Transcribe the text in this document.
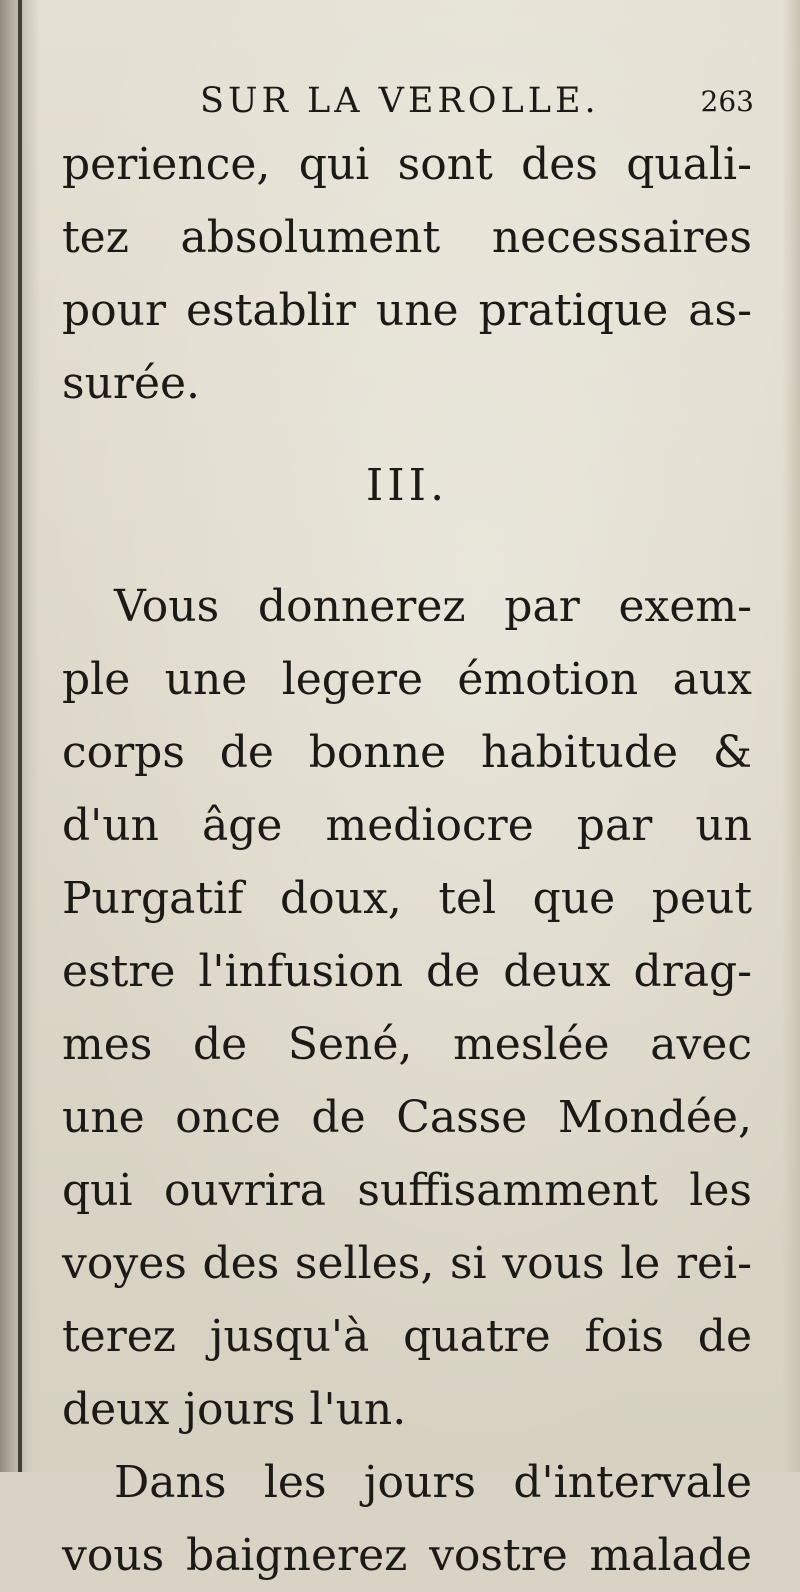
SUR LA VEROLLE.	263
periencе, qui sont des quali-
tez absolument necessaires
pour establir une pratique as-
surée.
III.
Vous donnerez par exem-
ple une legere émotion aux
corps de bonne habitude &
d'un âge mediocre par un
Purgatif doux, tel que peut
estre l'infusion de deux drag-
mes de Sené, meslée avec
une once de Casse Mondée,
qui ouvrira suffisamment les
voyes des selles, si vous le rei-
terez jusqu'à quatre fois de
deux jours l'un.
Dans les jours d'intervale
vous baignerez vostre malade
